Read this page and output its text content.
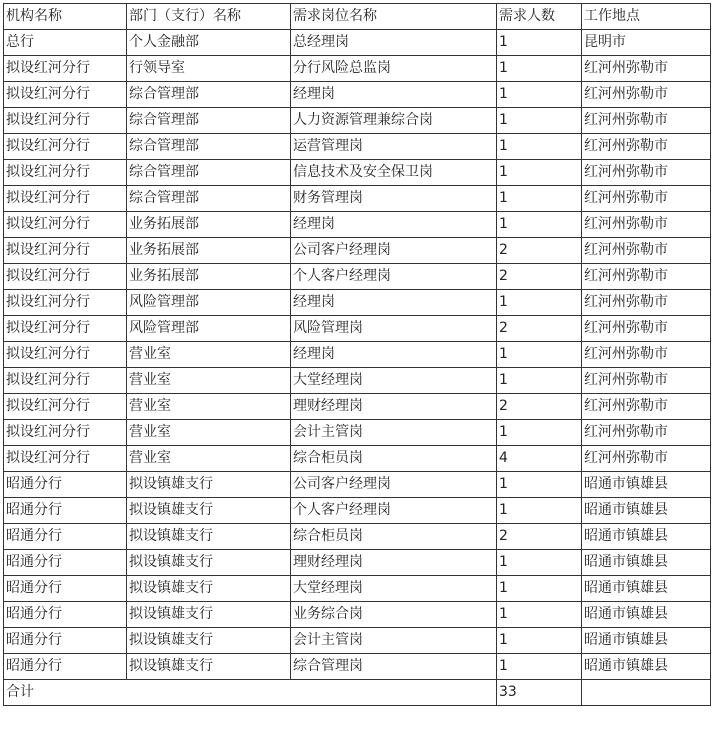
机构名称	部门（支行）名称	需求岗位名称	需求人数	工作地点
总行	个人金融部	总经理岗	1	昆明市
拟设红河分行	行领导室	分行风险总监岗	1	红河州弥勒市
拟设红河分行	综合管理部	经理岗	1	红河州弥勒市
拟设红河分行	综合管理部	人力资源管理兼综合岗	1	红河州弥勒市
拟设红河分行	综合管理部	运营管理岗	1	红河州弥勒市
拟设红河分行	综合管理部	信息技术及安全保卫岗	1	红河州弥勒市
拟设红河分行	综合管理部	财务管理岗	1	红河州弥勒市
拟设红河分行	业务拓展部	经理岗	1	红河州弥勒市
拟设红河分行	业务拓展部	公司客户经理岗	2	红河州弥勒市
拟设红河分行	业务拓展部	个人客户经理岗	2	红河州弥勒市
拟设红河分行	风险管理部	经理岗	1	红河州弥勒市
拟设红河分行	风险管理部	风险管理岗	2	红河州弥勒市
拟设红河分行	营业室	经理岗	1	红河州弥勒市
拟设红河分行	营业室	大堂经理岗	1	红河州弥勒市
拟设红河分行	营业室	理财经理岗	2	红河州弥勒市
拟设红河分行	营业室	会计主管岗	1	红河州弥勒市
拟设红河分行	营业室	综合柜员岗	4	红河州弥勒市
昭通分行	拟设镇雄支行	公司客户经理岗	1	昭通市镇雄县
昭通分行	拟设镇雄支行	个人客户经理岗	1	昭通市镇雄县
昭通分行	拟设镇雄支行	综合柜员岗	2	昭通市镇雄县
昭通分行	拟设镇雄支行	理财经理岗	1	昭通市镇雄县
昭通分行	拟设镇雄支行	大堂经理岗	1	昭通市镇雄县
昭通分行	拟设镇雄支行	业务综合岗	1	昭通市镇雄县
昭通分行	拟设镇雄支行	会计主管岗	1	昭通市镇雄县
昭通分行	拟设镇雄支行	综合管理岗	1	昭通市镇雄县
合计			33	
